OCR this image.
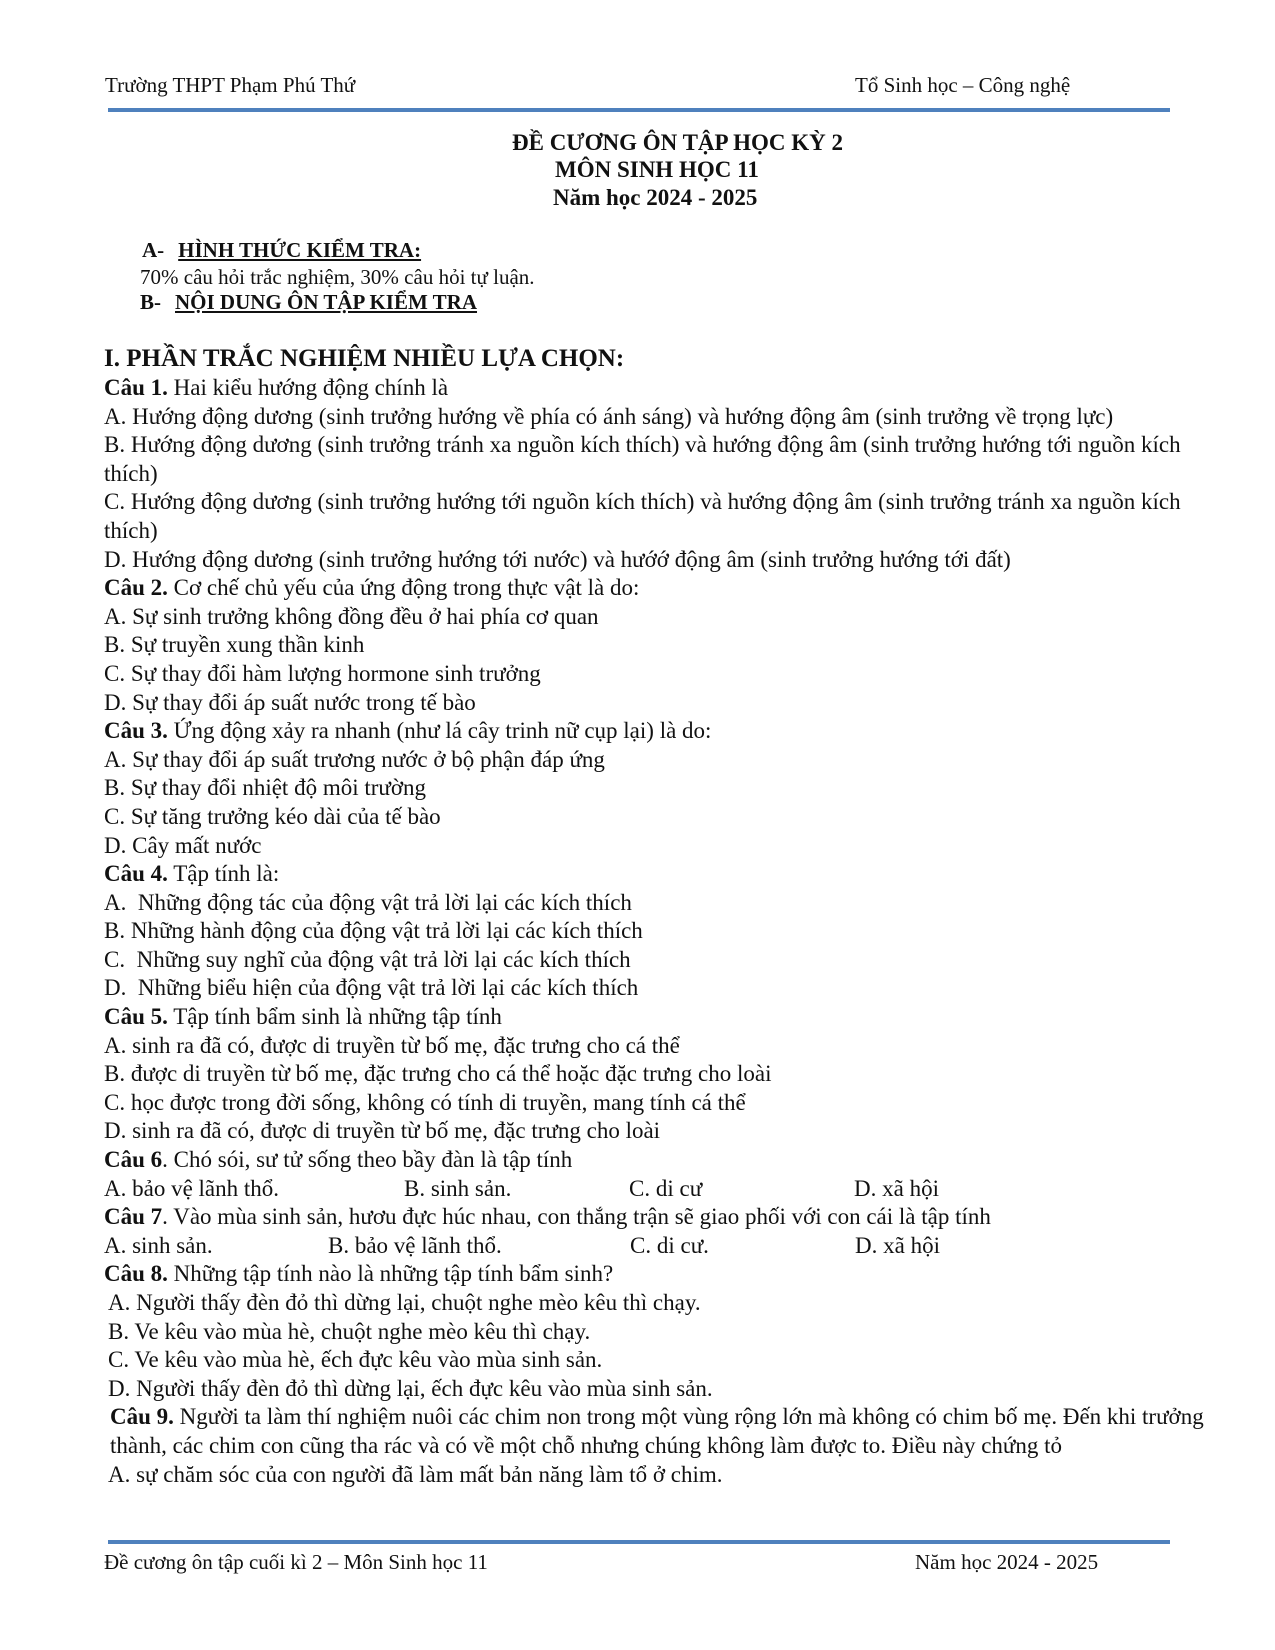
Trường THPT Phạm Phú Thứ	Tổ Sinh học – Công nghệ
ĐỀ CƯƠNG ÔN TẬP HỌC KỲ 2
MÔN SINH HỌC 11
Năm học 2024 - 2025
A- HÌNH THỨC KIỂM TRA:
70% câu hỏi trắc nghiệm, 30% câu hỏi tự luận.
B- NỘI DUNG ÔN TẬP KIỂM TRA
I. PHẦN TRẮC NGHIỆM NHIỀU LỰA CHỌN:
Câu 1. Hai kiểu hướng động chính là
A. Hướng động dương (sinh trưởng hướng về phía có ánh sáng) và hướng động âm (sinh trưởng về trọng lực)
B. Hướng động dương (sinh trưởng tránh xa nguồn kích thích) và hướng động âm (sinh trưởng hướng tới nguồn kích thích)
C. Hướng động dương (sinh trưởng hướng tới nguồn kích thích) và hướng động âm (sinh trưởng tránh xa nguồn kích thích)
D. Hướng động dương (sinh trưởng hướng tới nước) và hướớ động âm (sinh trưởng hướng tới đất)
Câu 2. Cơ chế chủ yếu của ứng động trong thực vật là do:
A. Sự sinh trưởng không đồng đều ở hai phía cơ quan
B. Sự truyền xung thần kinh
C. Sự thay đổi hàm lượng hormone sinh trưởng
D. Sự thay đổi áp suất nước trong tế bào
Câu 3. Ứng động xảy ra nhanh (như lá cây trinh nữ cụp lại) là do:
A. Sự thay đổi áp suất trương nước ở bộ phận đáp ứng
B. Sự thay đổi nhiệt độ môi trường
C. Sự tăng trưởng kéo dài của tế bào
D. Cây mất nước
Câu 4. Tập tính là:
A.  Những động tác của động vật trả lời lại các kích thích
B. Những hành động của động vật trả lời lại các kích thích
C.  Những suy nghĩ của động vật trả lời lại các kích thích
D.  Những biểu hiện của động vật trả lời lại các kích thích
Câu 5. Tập tính bẩm sinh là những tập tính
A. sinh ra đã có, được di truyền từ bố mẹ, đặc trưng cho cá thể
B. được di truyền từ bố mẹ, đặc trưng cho cá thể hoặc đặc trưng cho loài
C. học được trong đời sống, không có tính di truyền, mang tính cá thể
D. sinh ra đã có, được di truyền từ bố mẹ, đặc trưng cho loài
Câu 6. Chó sói, sư tử sống theo bầy đàn là tập tính
A. bảo vệ lãnh thổ.	B. sinh sản.	C. di cư	D. xã hội
Câu 7. Vào mùa sinh sản, hươu đực húc nhau, con thắng trận sẽ giao phối với con cái là tập tính
A. sinh sản.	B. bảo vệ lãnh thổ.	C. di cư.	D. xã hội
Câu 8. Những tập tính nào là những tập tính bẩm sinh?
A. Người thấy đèn đỏ thì dừng lại, chuột nghe mèo kêu thì chạy.
B. Ve kêu vào mùa hè, chuột nghe mèo kêu thì chạy.
C. Ve kêu vào mùa hè, ếch đực kêu vào mùa sinh sản.
D. Người thấy đèn đỏ thì dừng lại, ếch đực kêu vào mùa sinh sản.
Câu 9. Người ta làm thí nghiệm nuôi các chim non trong một vùng rộng lớn mà không có chim bố mẹ. Đến khi trưởng thành, các chim con cũng tha rác và có về một chỗ nhưng chúng không làm được to. Điều này chứng tỏ
A. sự chăm sóc của con người đã làm mất bản năng làm tổ ở chim.
Đề cương ôn tập cuối kì 2 – Môn Sinh học 11	Năm học 2024 - 2025
